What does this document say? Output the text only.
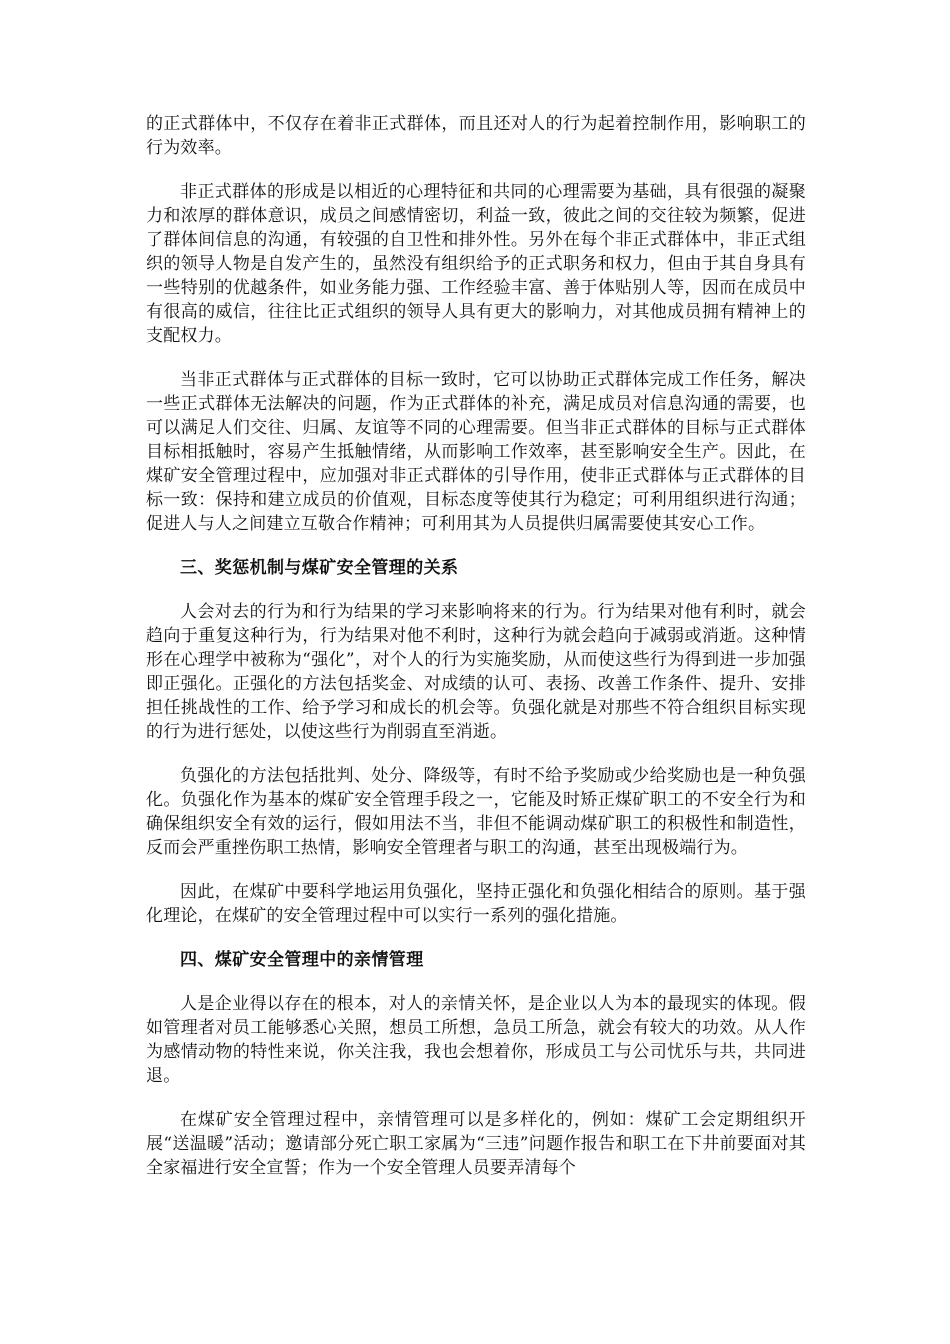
的正式群体中，不仅存在着非正式群体，而且还对人的行为起着控制作用，影响职工的行为效率。

非正式群体的形成是以相近的心理特征和共同的心理需要为基础，具有很强的凝聚力和浓厚的群体意识，成员之间感情密切，利益一致，彼此之间的交往较为频繁，促进了群体间信息的沟通，有较强的自卫性和排外性。另外在每个非正式群体中，非正式组织的领导人物是自发产生的，虽然没有组织给予的正式职务和权力，但由于其自身具有一些特别的优越条件，如业务能力强、工作经验丰富、善于体贴别人等，因而在成员中有很高的威信，往往比正式组织的领导人具有更大的影响力，对其他成员拥有精神上的支配权力。

当非正式群体与正式群体的目标一致时，它可以协助正式群体完成工作任务，解决一些正式群体无法解决的问题，作为正式群体的补充，满足成员对信息沟通的需要，也可以满足人们交往、归属、友谊等不同的心理需要。但当非正式群体的目标与正式群体目标相抵触时，容易产生抵触情绪，从而影响工作效率，甚至影响安全生产。因此，在煤矿安全管理过程中，应加强对非正式群体的引导作用，使非正式群体与正式群体的目标一致：保持和建立成员的价值观，目标态度等使其行为稳定；可利用组织进行沟通；促进人与人之间建立互敬合作精神；可利用其为人员提供归属需要使其安心工作。

三、奖惩机制与煤矿安全管理的关系

人会对去的行为和行为结果的学习来影响将来的行为。行为结果对他有利时，就会趋向于重复这种行为，行为结果对他不利时，这种行为就会趋向于减弱或消逝。这种情形在心理学中被称为“强化”，对个人的行为实施奖励，从而使这些行为得到进一步加强即正强化。正强化的方法包括奖金、对成绩的认可、表扬、改善工作条件、提升、安排担任挑战性的工作、给予学习和成长的机会等。负强化就是对那些不符合组织目标实现的行为进行惩处，以使这些行为削弱直至消逝。

负强化的方法包括批判、处分、降级等，有时不给予奖励或少给奖励也是一种负强化。负强化作为基本的煤矿安全管理手段之一，它能及时矫正煤矿职工的不安全行为和确保组织安全有效的运行，假如用法不当，非但不能调动煤矿职工的积极性和制造性，反而会严重挫伤职工热情，影响安全管理者与职工的沟通，甚至出现极端行为。

因此，在煤矿中要科学地运用负强化，坚持正强化和负强化相结合的原则。基于强化理论，在煤矿的安全管理过程中可以实行一系列的强化措施。

四、煤矿安全管理中的亲情管理

人是企业得以存在的根本，对人的亲情关怀，是企业以人为本的最现实的体现。假如管理者对员工能够悉心关照，想员工所想，急员工所急，就会有较大的功效。从人作为感情动物的特性来说，你关注我，我也会想着你，形成员工与公司忧乐与共，共同进退。

在煤矿安全管理过程中，亲情管理可以是多样化的，例如：煤矿工会定期组织开展“送温暖”活动；邀请部分死亡职工家属为“三违”问题作报告和职工在下井前要面对其全家福进行安全宣誓；作为一个安全管理人员要弄清每个
